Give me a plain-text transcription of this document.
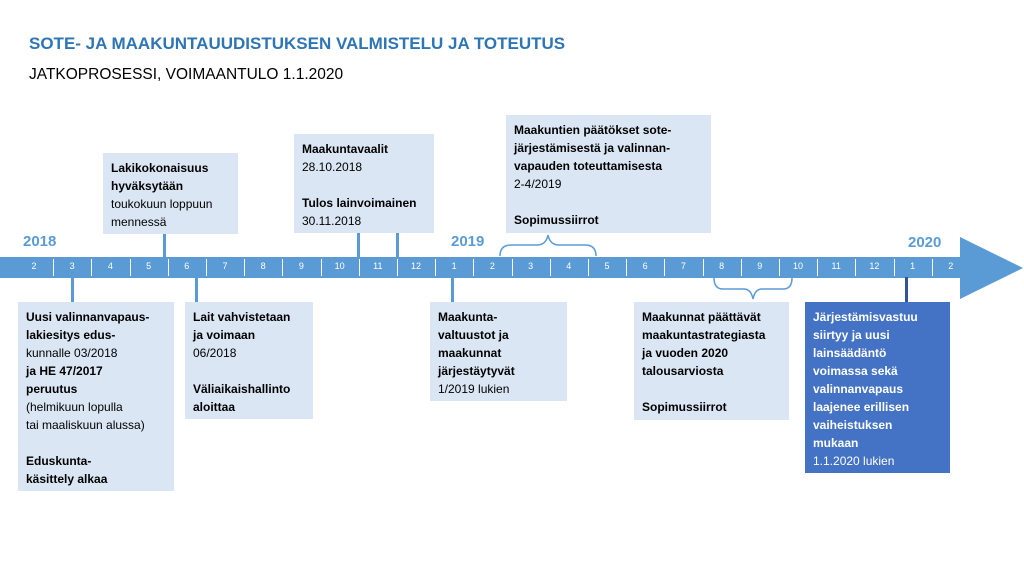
SOTE- JA MAAKUNTAUUDISTUKSEN VALMISTELU JA TOTEUTUS
JATKOPROSESSI, VOIMAANTULO 1.1.2020
2018	2019	2020
2	3	4	5	6	7	8	9	10	11	12	1	2	3	4	5	6	7	8	9	10	11	12	1	2
Lakikokonaisuus
hyväksytään
toukokuun loppuun
mennessä
Maakuntavaalit
28.10.2018
Tulos lainvoimainen
30.11.2018
Maakuntien päätökset sote-
järjestämisestä ja valinnan-
vapauden toteuttamisesta
2-4/2019
Sopimussiirrot
Uusi valinnanvapaus-
lakiesitys edus-
kunnalle 03/2018
ja HE 47/2017
peruutus
(helmikuun lopulla
tai maaliskuun alussa)
Eduskunta-
käsittely alkaa
Lait vahvistetaan
ja voimaan
06/2018
Väliaikaishallinto
aloittaa
Maakunta-
valtuustot ja
maakunnat
järjestäytyvät
1/2019 lukien
Maakunnat päättävät
maakuntastrategiasta
ja vuoden 2020
talousarviosta
Sopimussiirrot
Järjestämisvastuu
siirtyy ja uusi
lainsäädäntö
voimassa sekä
valinnanvapaus
laajenee erillisen
vaiheistuksen
mukaan
1.1.2020 lukien
